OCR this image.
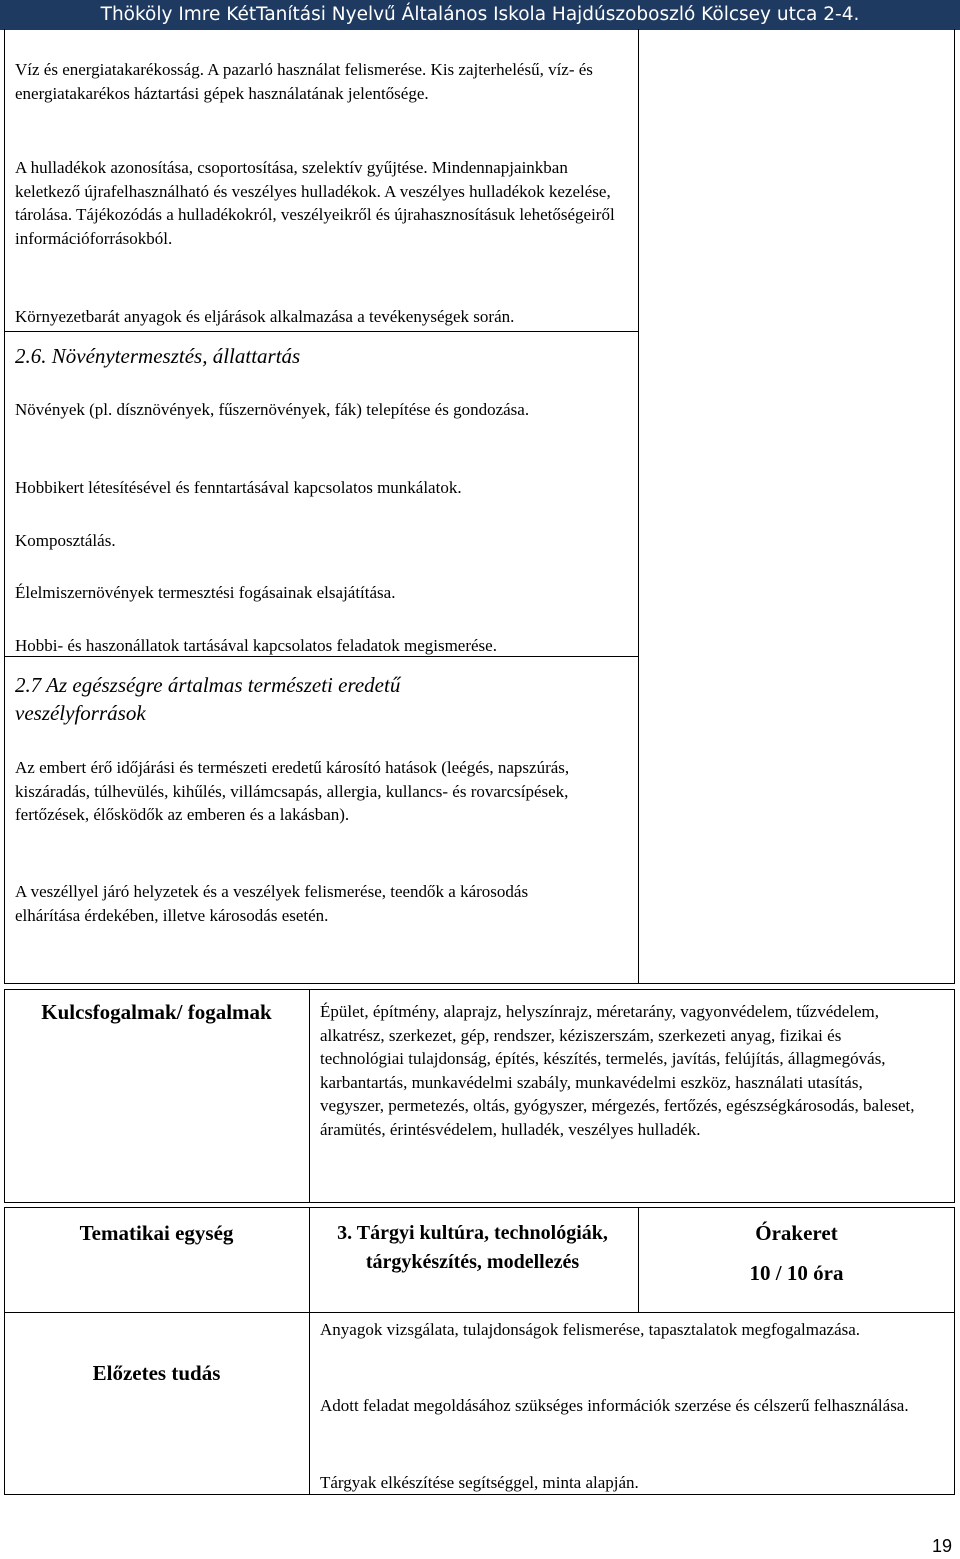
Thököly Imre KétTanítási Nyelvű Általános Iskola Hajdúszoboszló Kölcsey utca 2-4.

Víz és energiatakarékosság. A pazarló használat felismerése. Kis zajterhelésű, víz- és energiatakarékos háztartási gépek használatának jelentősége.

A hulladékok azonosítása, csoportosítása, szelektív gyűjtése. Mindennapjainkban keletkező újrafelhasználható és veszélyes hulladékok. A veszélyes hulladékok kezelése, tárolása. Tájékozódás a hulladékokról, veszélyeikről és újrahasznosításuk lehetőségeiről információforrásokból.

Környezetbarát anyagok és eljárások alkalmazása a tevékenységek során.

2.6. Növénytermesztés, állattartás

Növények (pl. dísznövények, fűszernövények, fák) telepítése és gondozása.

Hobbikert létesítésével és fenntartásával kapcsolatos munkálatok.

Komposztálás.

Élelmiszernövények termesztési fogásainak elsajátítása.

Hobbi- és haszonállatok tartásával kapcsolatos feladatok megismerése.

2.7 Az egészségre ártalmas természeti eredetű veszélyforrások

Az embert érő időjárási és természeti eredetű károsító hatások (leégés, napszúrás, kiszáradás, túlhevülés, kihűlés, villámcsapás, allergia, kullancs- és rovarcsípések, fertőzések, élősködők az emberen és a lakásban).

A veszéllyel járó helyzetek és a veszélyek felismerése, teendők a károsodás elhárítása érdekében, illetve károsodás esetén.

Kulcsfogalmak/ fogalmak	Épület, építmény, alaprajz, helyszínrajz, méretarány, vagyonvédelem, tűzvédelem, alkatrész, szerkezet, gép, rendszer, kéziszerszám, szerkezeti anyag, fizikai és technológiai tulajdonság, építés, készítés, termelés, javítás, felújítás, állagmegóvás, karbantartás, munkavédelmi szabály, munkavédelmi eszköz, használati utasítás, vegyszer, permetezés, oltás, gyógyszer, mérgezés, fertőzés, egészségkárosodás, baleset, áramütés, érintésvédelem, hulladék, veszélyes hulladék.

Tematikai egység	3. Tárgyi kultúra, technológiák, tárgykészítés, modellezés
Órakeret
10 / 10 óra
Előzetes tudás

Anyagok vizsgálata, tulajdonságok felismerése, tapasztalatok megfogalmazása.

Adott feladat megoldásához szükséges információk szerzése és célszerű felhasználása.

Tárgyak elkészítése segítséggel, minta alapján.

19
